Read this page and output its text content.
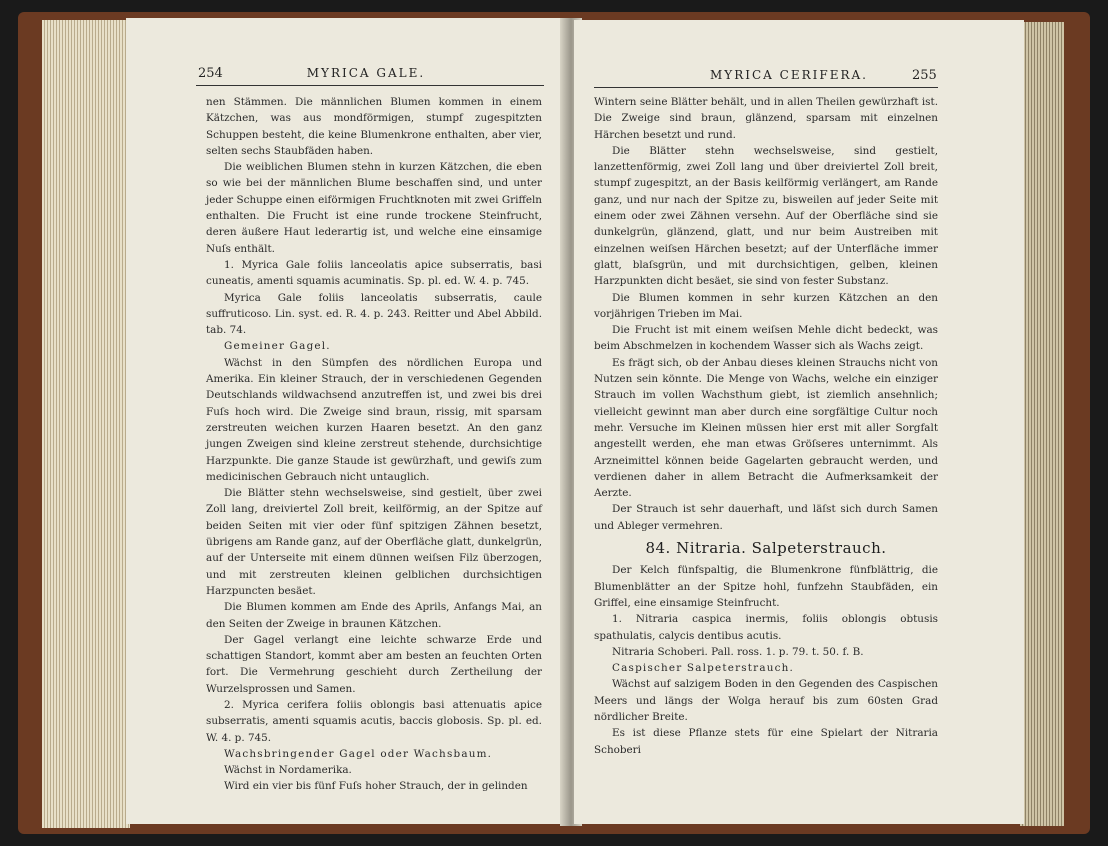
254	MYRICA GALE.

nen Stämmen. Die männlichen Blumen kommen in einem Kätzchen, was aus mondförmigen, stumpf zugespitzten Schuppen besteht, die keine Blumenkrone enthalten, aber vier, selten sechs Staubfäden haben.

Die weiblichen Blumen stehn in kurzen Kätzchen, die eben so wie bei der männlichen Blume beschaffen sind, und unter jeder Schuppe einen eiförmigen Fruchtknoten mit zwei Griffeln enthalten. Die Frucht ist eine runde trockene Steinfrucht, deren äußere Haut lederartig ist, und welche eine einsamige Nuſs enthält.

1. Myrica Gale foliis lanceolatis apice subserratis, basi cuneatis, amenti squamis acuminatis. Sp. pl. ed. W. 4. p. 745.

Myrica Gale foliis lanceolatis subserratis, caule suffruticoso. Lin. syst. ed. R. 4. p. 243. Reitter und Abel Abbild. tab. 74.

Gemeiner Gagel.

Wächst in den Sümpfen des nördlichen Europa und Amerika. Ein kleiner Strauch, der in verschiedenen Gegenden Deutschlands wildwachsend anzutreffen ist, und zwei bis drei Fuſs hoch wird. Die Zweige sind braun, rissig, mit sparsam zerstreuten weichen kurzen Haaren besetzt. An den ganz jungen Zweigen sind kleine zerstreut stehende, durchsichtige Harzpunkte. Die ganze Staude ist gewürzhaft, und gewiſs zum medicinischen Gebrauch nicht untauglich.

Die Blätter stehn wechselsweise, sind gestielt, über zwei Zoll lang, dreiviertel Zoll breit, keilförmig, an der Spitze auf beiden Seiten mit vier oder fünf spitzigen Zähnen besetzt, übrigens am Rande ganz, auf der Oberfläche glatt, dunkelgrün, auf der Unterseite mit einem dünnen weiſsen Filz überzogen, und mit zerstreuten kleinen gelblichen durchsichtigen Harzpuncten besäet.

Die Blumen kommen am Ende des Aprils, Anfangs Mai, an den Seiten der Zweige in braunen Kätzchen.

Der Gagel verlangt eine leichte schwarze Erde und schattigen Standort, kommt aber am besten an feuchten Orten fort. Die Vermehrung geschieht durch Zertheilung der Wurzelsprossen und Samen.

2. Myrica cerifera foliis oblongis basi attenuatis apice subserratis, amenti squamis acutis, baccis globosis. Sp. pl. ed. W. 4. p. 745.

Wachsbringender Gagel oder Wachsbaum.

Wächst in Nordamerika.

Wird ein vier bis fünf Fuſs hoher Strauch, der in gelinden

MYRICA CERIFERA.	255

Wintern seine Blätter behält, und in allen Theilen gewürzhaft ist. Die Zweige sind braun, glänzend, sparsam mit einzelnen Härchen besetzt und rund.

Die Blätter stehn wechselsweise, sind gestielt, lanzettenförmig, zwei Zoll lang und über dreiviertel Zoll breit, stumpf zugespitzt, an der Basis keilförmig verlängert, am Rande ganz, und nur nach der Spitze zu, bisweilen auf jeder Seite mit einem oder zwei Zähnen versehn. Auf der Oberfläche sind sie dunkelgrün, glänzend, glatt, und nur beim Austreiben mit einzelnen weiſsen Härchen besetzt; auf der Unterfläche immer glatt, blaſsgrün, und mit durchsichtigen, gelben, kleinen Harzpunkten dicht besäet, sie sind von fester Substanz.

Die Blumen kommen in sehr kurzen Kätzchen an den vorjährigen Trieben im Mai.

Die Frucht ist mit einem weiſsen Mehle dicht bedeckt, was beim Abschmelzen in kochendem Wasser sich als Wachs zeigt.

Es frägt sich, ob der Anbau dieses kleinen Strauchs nicht von Nutzen sein könnte. Die Menge von Wachs, welche ein einziger Strauch im vollen Wachsthum giebt, ist ziemlich ansehnlich; vielleicht gewinnt man aber durch eine sorgfältige Cultur noch mehr. Versuche im Kleinen müssen hier erst mit aller Sorgfalt angestellt werden, ehe man etwas Gröſseres unternimmt. Als Arzneimittel können beide Gagelarten gebraucht werden, und verdienen daher in allem Betracht die Aufmerksamkeit der Aerzte.

Der Strauch ist sehr dauerhaft, und läſst sich durch Samen und Ableger vermehren.

84. Nitraria. Salpeterstrauch.

Der Kelch fünfspaltig, die Blumenkrone fünfblättrig, die Blumenblätter an der Spitze hohl, funfzehn Staubfäden, ein Griffel, eine einsamige Steinfrucht.

1. Nitraria caspica inermis, foliis oblongis obtusis spathulatis, calycis dentibus acutis.

Nitraria Schoberi. Pall. ross. 1. p. 79. t. 50. f. B.

Caspischer Salpeterstrauch.

Wächst auf salzigem Boden in den Gegenden des Caspischen Meers und längs der Wolga herauf bis zum 60sten Grad nördlicher Breite.

Es ist diese Pflanze stets für eine Spielart der Nitraria Schoberi
